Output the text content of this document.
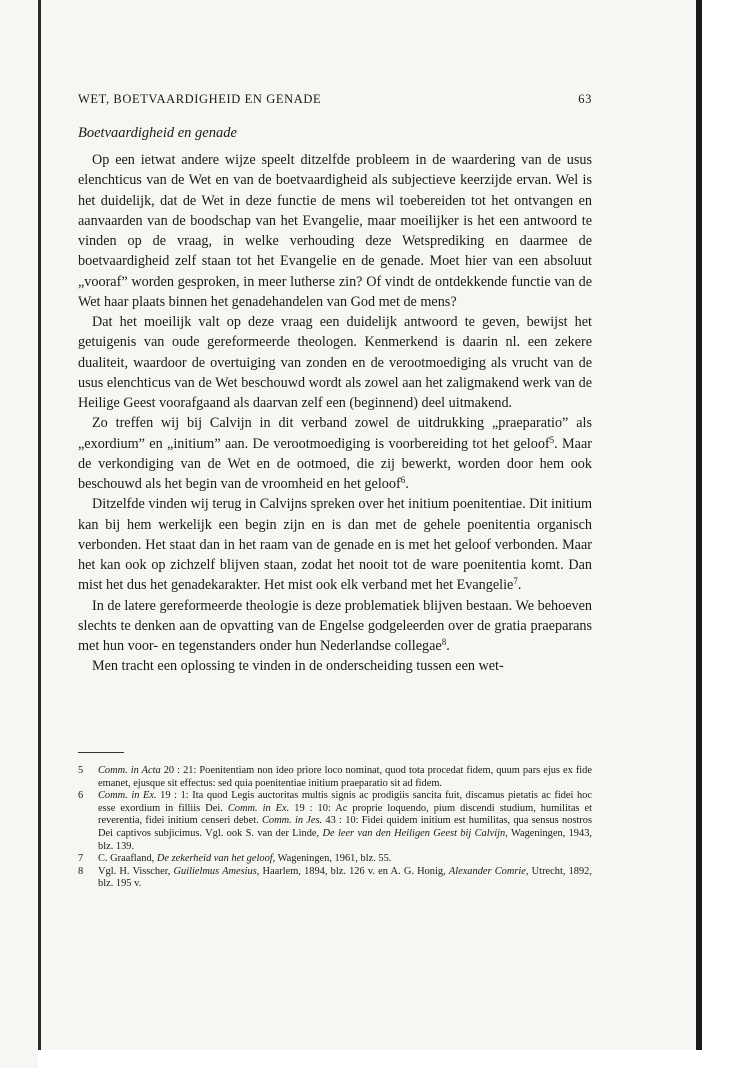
WET, BOETVAARDIGHEID EN GENADE	63
Boetvaardigheid en genade

Op een ietwat andere wijze speelt ditzelfde probleem in de waardering van de usus elenchticus van de Wet en van de boetvaardigheid als subjectieve keerzijde ervan. Wel is het duidelijk, dat de Wet in deze functie de mens wil toebereiden tot het ontvangen en aanvaarden van de boodschap van het Evangelie, maar moeilijker is het een antwoord te vinden op de vraag, in welke verhouding deze Wetsprediking en daarmee de boetvaardigheid zelf staan tot het Evangelie en de genade. Moet hier van een absoluut „vooraf” worden gesproken, in meer lutherse zin? Of vindt de ontdekkende functie van de Wet haar plaats binnen het genadehandelen van God met de mens?

Dat het moeilijk valt op deze vraag een duidelijk antwoord te geven, bewijst het getuigenis van oude gereformeerde theologen. Kenmerkend is daarin nl. een zekere dualiteit, waardoor de overtuiging van zonden en de verootmoediging als vrucht van de usus elenchticus van de Wet beschouwd wordt als zowel aan het zaligmakend werk van de Heilige Geest voorafgaand als daarvan zelf een (beginnend) deel uitmakend.

Zo treffen wij bij Calvijn in dit verband zowel de uitdrukking „praeparatio” als „exordium” en „initium” aan. De verootmoediging is voorbereiding tot het geloof$^5$. Maar de verkondiging van de Wet en de ootmoed, die zij bewerkt, worden door hem ook beschouwd als het begin van de vroomheid en het geloof$^6$.

Ditzelfde vinden wij terug in Calvijns spreken over het initium poenitentiae. Dit initium kan bij hem werkelijk een begin zijn en is dan met de gehele poenitentia organisch verbonden. Het staat dan in het raam van de genade en is met het geloof verbonden. Maar het kan ook op zichzelf blijven staan, zodat het nooit tot de ware poenitentia komt. Dan mist het dus het genadekarakter. Het mist ook elk verband met het Evangelie$^7$.

In de latere gereformeerde theologie is deze problematiek blijven bestaan. We behoeven slechts te denken aan de opvatting van de Engelse godgeleerden over de gratia praeparans met hun voor- en tegenstanders onder hun Nederlandse collegae$^8$.

Men tracht een oplossing te vinden in de onderscheiding tussen een wet-

5 Comm. in Acta 20 : 21: Poenitentiam non ideo priore loco nominat, quod tota procedat fidem, quum pars ejus ex fide emanet, ejusque sit effectus: sed quia poenitentiae initium praeparatio sit ad fidem.
6 Comm. in Ex. 19 : 1: Ita quod Legis auctoritas multis signis ac prodigiis sancita fuit, discamus pietatis ac fidei hoc esse exordium in filliis Dei. Comm. in Ex. 19 : 10: Ac proprie loquendo, pium discendi studium, humilitas et reverentia, fidei initium censeri debet. Comm. in Jes. 43 : 10: Fidei quidem initium est humilitas, qua sensus nostros Dei captivos subjicimus. Vgl. ook S. van der Linde, De leer van den Heiligen Geest bij Calvijn, Wageningen, 1943, blz. 139.
7 C. Graafland, De zekerheid van het geloof, Wageningen, 1961, blz. 55.
8 Vgl. H. Visscher, Guilielmus Amesius, Haarlem, 1894, blz. 126 v. en A. G. Honig, Alexander Comrie, Utrecht, 1892, blz. 195 v.
